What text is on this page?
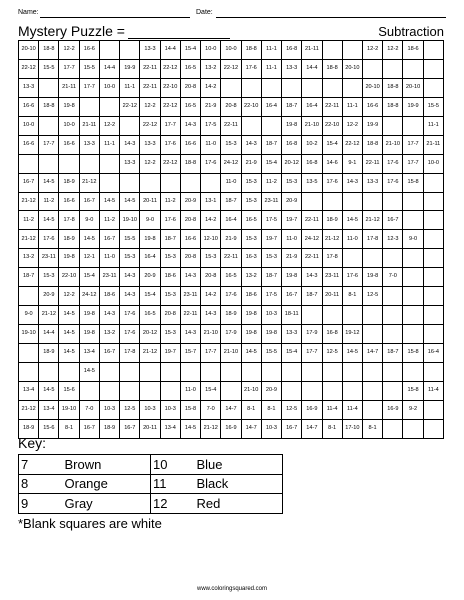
Name:	Date:
Mystery Puzzle =	Subtraction
20-10	18-8	12-2	16-6			13-3	14-4	15-4	10-0	10-0	18-8	11-1	16-8	21-11			12-2	12-2	18-6	
22-12	15-5	17-7	15-5	14-4	19-9	22-11	22-12	16-5	13-2	22-12	17-6	11-1	13-3	14-4	18-8	20-10				
13-3		21-11	17-7	10-0	11-1	22-11	22-10	20-8	14-2								20-10	18-8	20-10	
16-6	18-8	19-8			22-12	12-2	22-12	16-5	21-9	20-8	22-10	16-4	18-7	16-4	22-11	11-1	16-6	18-8	19-9	15-5
10-0		10-0	21-11	12-2		22-12	17-7	14-3	17-5	22-11			19-8	21-10	22-10	12-2	19-9			11-1
16-6	17-7	16-6	13-3	11-1	14-3	13-3	17-6	16-6	11-0	15-3	14-3	18-7	16-8	10-2	15-4	22-12	18-8	21-10	17-7	21-11
					13-3	12-2	22-12	18-8	17-6	24-12	21-9	15-4	20-12	16-8	14-6	9-1	22-11	17-6	17-7	10-0
16-7	14-5	18-9	21-12							11-0	15-3	11-2	15-3	13-5	17-6	14-3	13-3	17-6	15-8	
21-12	11-2	16-6	16-7	14-5	14-5	20-11	11-2	20-9	13-1	18-7	15-3	23-11	20-9							
11-2	14-5	17-8	9-0	11-2	19-10	9-0	17-6	20-8	14-2	16-4	16-5	17-5	19-7	22-11	18-9	14-5	21-12	16-7		
21-12	17-6	18-9	14-5	16-7	15-5	19-8	18-7	16-6	12-10	21-9	15-3	19-7	11-0	24-12	21-12	11-0	17-8	12-3	9-0	
13-2	23-11	19-8	12-1	11-0	15-3	16-4	15-3	20-8	15-3	22-11	16-3	15-3	21-9	22-11	17-8					
18-7	15-3	22-10	15-4	23-11	14-3	20-9	18-6	14-3	20-8	16-5	13-2	18-7	19-8	14-3	23-11	17-6	19-8	7-0		
	20-9	12-2	24-12	18-6	14-3	15-4	15-3	23-11	14-2	17-6	18-6	17-5	16-7	18-7	20-11	8-1	12-5			
9-0	21-12	14-5	19-8	14-3	17-6	16-5	20-8	22-11	14-3	18-9	19-8	10-3	18-11							
19-10	14-4	14-5	19-8	13-2	17-6	20-12	15-3	14-3	21-10	17-9	19-8	19-8	13-3	17-9	16-8	19-12				
	18-9	14-5	13-4	16-7	17-8	21-12	19-7	15-7	17-7	21-10	14-5	15-5	15-4	17-7	12-5	14-5	14-7	18-7	15-8	16-4
			14-5																	
13-4	14-5	15-6						11-0	15-4		21-10	20-9							15-8	11-4
21-12	13-4	19-10	7-0	10-3	12-5	10-3	10-3	15-8	7-0	14-7	8-1	8-1	12-5	16-9	11-4	11-4		16-9	9-2	
18-9	15-6	8-1	16-7	18-9	16-7	20-11	13-4	14-5	21-12	16-9	14-7	10-3	16-7	14-7	8-1	17-10	8-1			
Key:
7	Brown	10	Blue
8	Orange	11	Black
9	Gray	12	Red
*Blank squares are white
www.coloringsquared.com
